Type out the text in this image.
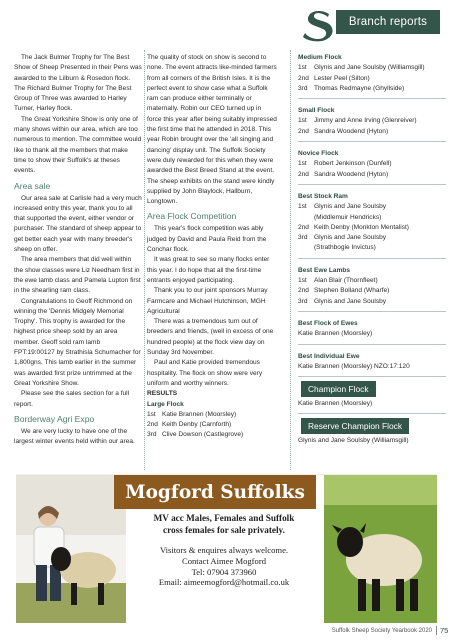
Branch reports

The Jack Bulmer Trophy for The Best Show of Sheep Presented in their Pens was awarded to the Lilburn & Rosedon flock. The Richard Bulmer Trophy for The Best Group of Three was awarded to Harley Turner, Harley flock.

The Great Yorkshire Show is only one of many shows within our area, which are too numerous to mention. The committee would like to thank all the members that make time to show their Suffolk's at theses events.

Area sale

Our area sale at Carlisle had a very much increased entry this year, thank you to all that supported the event, either vendor or purchaser. The standard of sheep appear to get better each year with many breeder's sheep on offer.

The area members that did well within the show classes were Liz Needham first in the ewe lamb class and Pamela Lupton first in the shearling ram class.

Congratulations to Geoff Richmond on winning the 'Dennis Midgely Memorial Trophy'. This trophy is awarded for the highest price sheep sold by an area member. Geoff sold ram lamb FPT:19:00127 by Strathisla Schumacher for 1,800gns. This lamb earlier in the summer was awarded first prize untrimmed at the Great Yorkshire Show.

Please see the sales section for a full report.

Borderway Agri Expo

We are very lucky to have one of the largest winter events held within our area.

The quality of stock on show is second to none. The event attracts like-minded farmers from all corners of the British Isles. It is the perfect event to show case what a Suffolk ram can produce either terminally or maternally. Robin our CEO turned up in force this year after being suitably impressed the first time that he attended in 2018. This year Robin brought over the 'all singing and dancing' display unit. The Suffolk Society were duly rewarded for this when they were awarded the Best Breed Stand at the event. The sheep exhibits on the stand were kindly supplied by John Blaylock, Hallburn, Longtown.

Area Flock Competition

This year's flock competition was ably judged by David and Paula Reid from the Conchar flock.

It was great to see so many flocks enter this year. I do hope that all the first-time entrants enjoyed participating.

Thank you to our joint sponsors Murray Farmcare and Michael Hutchinson, MGH Agricultural

There was a tremendous turn out of breeders and friends, (well in excess of one hundred people) at the flock view day on Sunday 3rd November.

Paul and Katie provided tremendous hospitality. The flock on show were very uniform and worthy winners.

RESULTS
Large Flock
1st Katie Brannen (Moorsley)
2nd Keith Denby (Carnforth)
3rd Clive Dowson (Castlegrove)
Medium Flock
1st	Glynis and Jane Soulsby (Williamsgill)
2nd Lester Peel (Silton)
3rd Thomas Redmayne (Ghyllside)
Small Flock
1st	Jimmy and Anne Irving (Glenreiver)
2nd Sandra Woodend (Hyton)
Novice Flock
1st	Robert Jenkinson (Dunfell)
2nd Sandra Woodend (Hyton)
Best Stock Ram
1st	Glynis and Jane Soulsby
(Middlemuir Hendricks)
2nd Keith Denby (Monkton Mentalist)
3rd Glynis and Jane Soulsby
(Strathbogie Invictus)
Best Ewe Lambs
1st	Alan Blair (Thornfleet)
2nd Stephen Bolland (Wharfe)
3rd Glynis and Jane Soulsby
Best Flock of Ewes
Katie Brannen (Moorsley)
Best Individual Ewe
Katie Brannen (Moorsley) NZO:17:120
Champion Flock
Katie Brannen (Moorsley)
Reserve Champion Flock
Glynis and Jane Soulsby (Williamsgill)
Mogford Suffolks
MV acc Males, Females and Suffolk
cross females for sale privately.
Visitors & enquires always welcome.
Contact Aimee Mogford
Tel: 07904 373960
Email: aimeemogford@hotmail.co.uk
Suffolk Sheep Society Yearbook 2020	75
